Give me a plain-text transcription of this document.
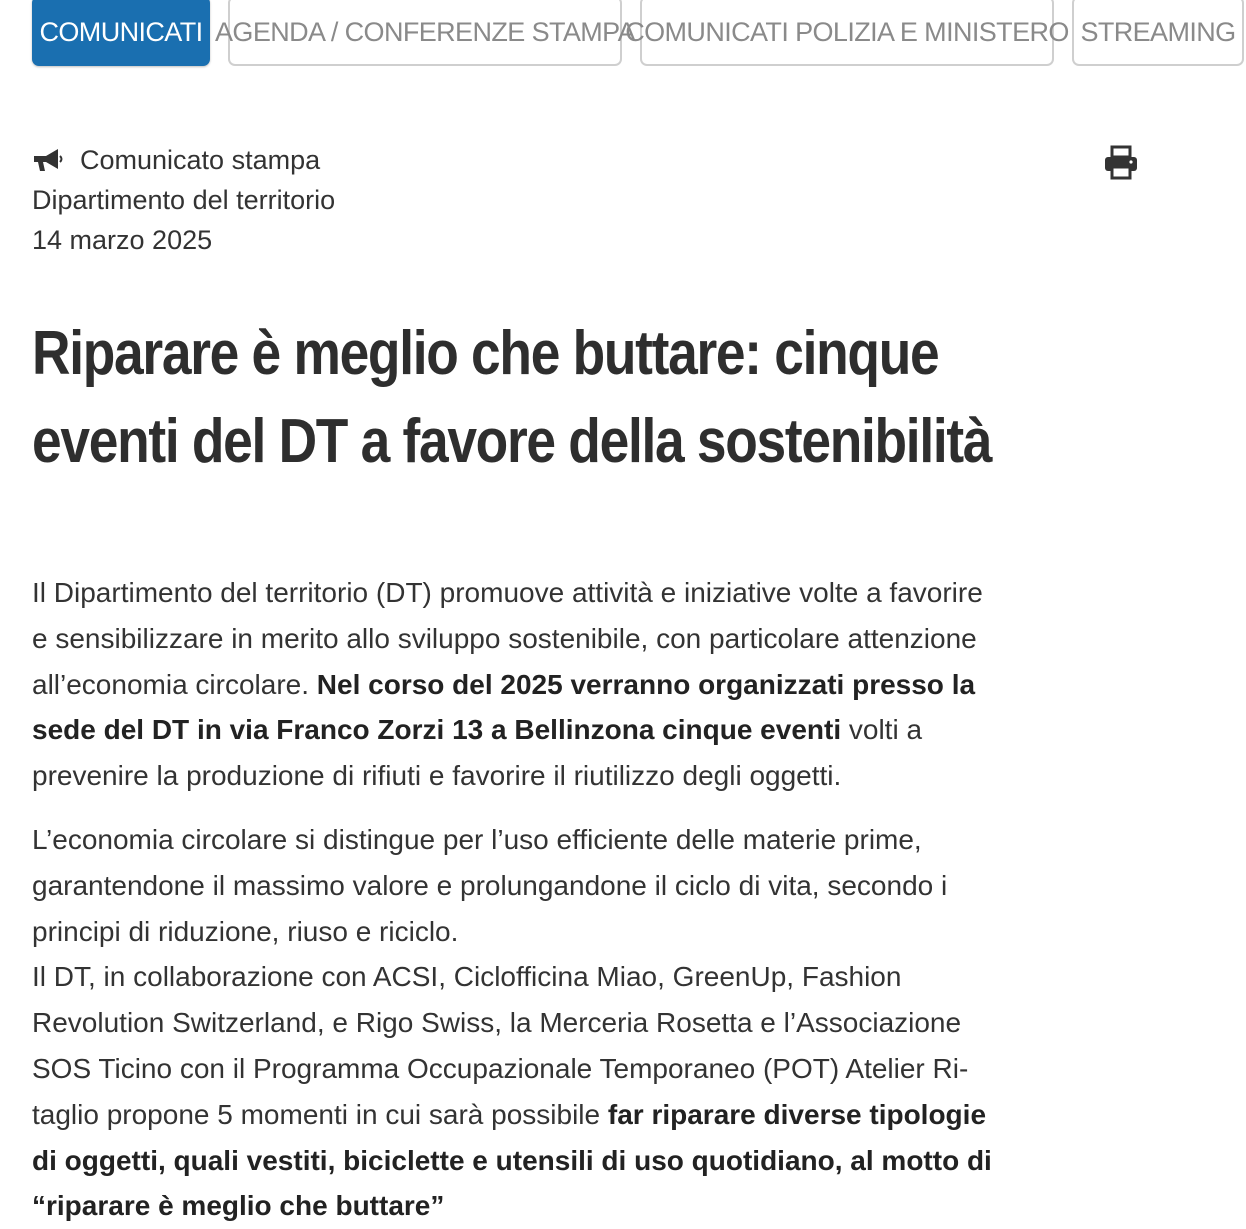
COMUNICATI AGENDA / CONFERENZE STAMPA
COMUNICATI POLIZIA E MINISTERO STREAMING
Comunicato stampa
Dipartimento del territorio
14 marzo 2025
Riparare è meglio che buttare: cinque
eventi del DT a favore della sostenibilità

Il Dipartimento del territorio (DT) promuove attività e iniziative volte a favorire
e sensibilizzare in merito allo sviluppo sostenibile, con particolare attenzione
all’economia circolare. Nel corso del 2025 verranno organizzati presso la
sede del DT in via Franco Zorzi 13 a Bellinzona cinque eventi volti a
prevenire la produzione di rifiuti e favorire il riutilizzo degli oggetti.

L’economia circolare si distingue per l’uso efficiente delle materie prime,
garantendone il massimo valore e prolungandone il ciclo di vita, secondo i
principi di riduzione, riuso e riciclo.

Il DT, in collaborazione con ACSI, Ciclofficina Miao, GreenUp, Fashion
Revolution Switzerland, e Rigo Swiss, la Merceria Rosetta e l’Associazione
SOS Ticino con il Programma Occupazionale Temporaneo (POT) Atelier Ri-
taglio propone 5 momenti in cui sarà possibile far riparare diverse tipologie
di oggetti, quali vestiti, biciclette e utensili di uso quotidiano, al motto di
“riparare è meglio che buttare”
